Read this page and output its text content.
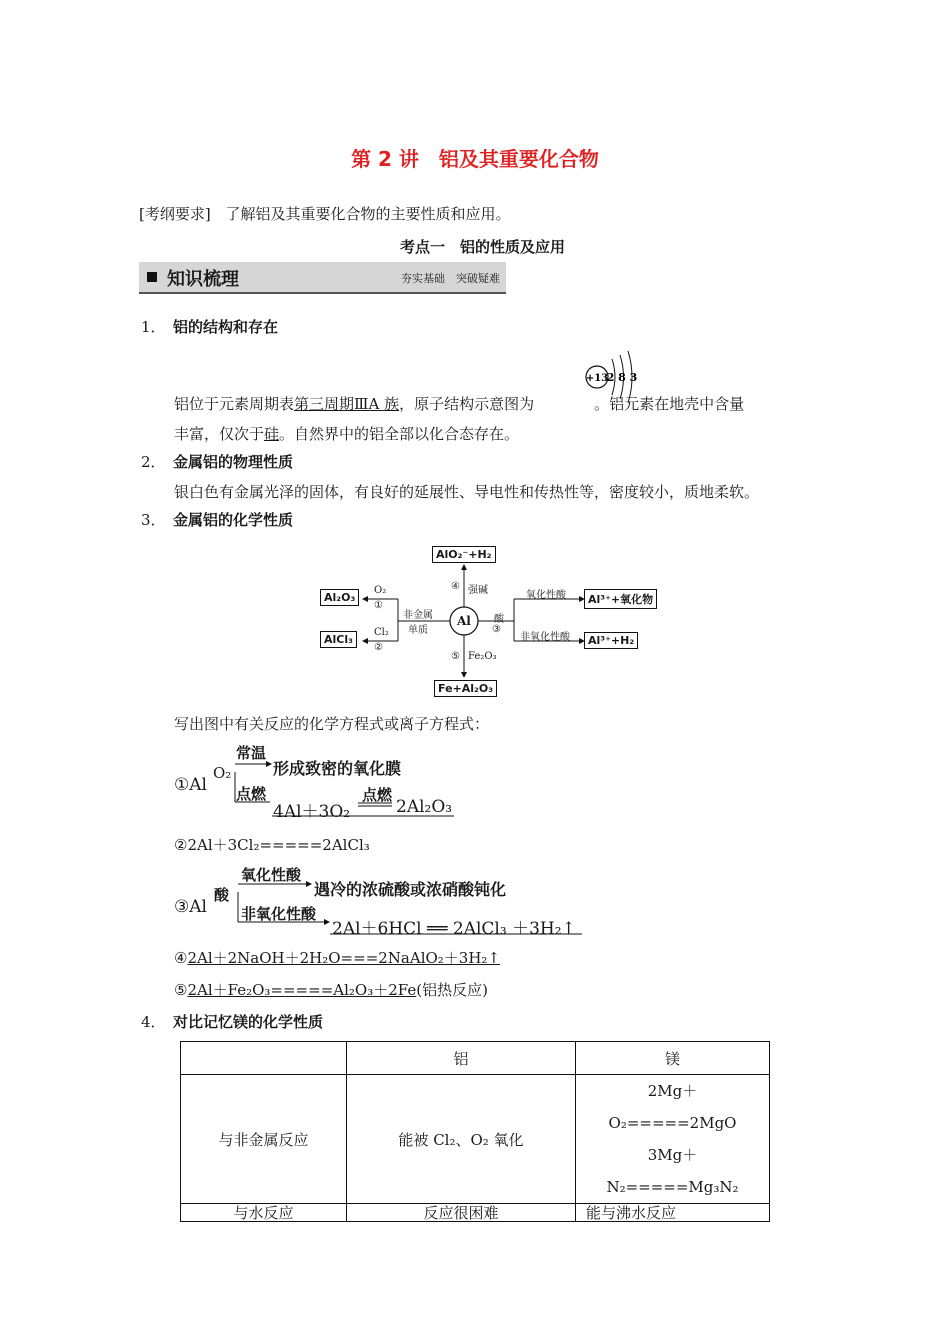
第 2 讲　铝及其重要化合物
[考纲要求] 了解铝及其重要化合物的主要性质和应用。
考点一　铝的性质及应用
知识梳理	夯实基础　突破疑难
1． 铝的结构和存在
+13
2 8 3
铝位于元素周期表第三周期ⅢA 族，原子结构示意图为	。铝元素在地壳中含量
丰富，仅次于硅。自然界中的铝全部以化合态存在。
2． 金属铝的物理性质
银白色有金属光泽的固体，有良好的延展性、导电性和传热性等，密度较小，质地柔软。
3． 金属铝的化学性质
Al
AlO₂⁻+H₂
④ 强碱
Fe+Al₂O₃
⑤ Fe₂O₃
非金属
单质
Al₂O₃
O₂
①
AlCl₃
Cl₂
②
酸
③
氧化性酸	Al³⁺+氧化物
非氧化性酸	Al³⁺+H₂
写出图中有关反应的化学方程式或离子方程式：
①Al
O₂
常温
形成致密的氧化膜
点燃
4Al＋3O₂
点燃
2Al₂O₃
②2Al＋3Cl₂=====2AlCl₃
③Al
酸
氧化性酸
遇冷的浓硫酸或浓硝酸钝化
非氧化性酸
2Al＋6HCl ══ 2AlCl₃ ＋3H₂↑
④2Al＋2NaOH＋2H₂O===2NaAlO₂＋3H₂↑
⑤2Al＋Fe₂O₃=====Al₂O₃＋2Fe(铝热反应)
4． 对比记忆镁的化学性质
	铝	镁
与非金属反应	能被 Cl₂、O₂ 氧化	2Mg＋
O₂=====2MgO
3Mg＋
N₂=====Mg₃N₂

与水反应	反应很困难	能与沸水反应
